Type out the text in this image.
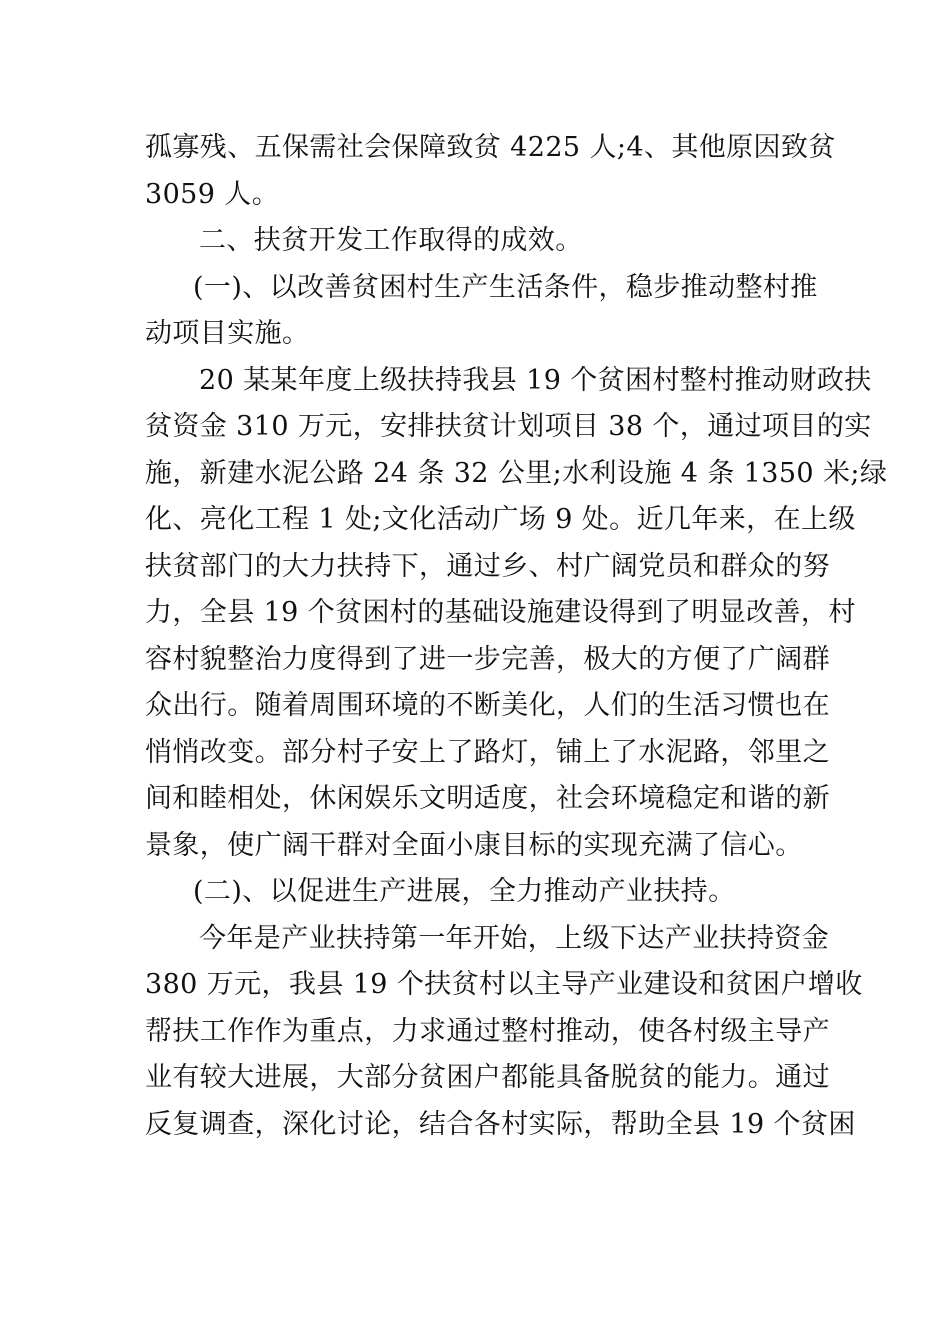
孤寡残、五保需社会保障致贫 4225 人;4、其他原因致贫
3059 人。
二、扶贫开发工作取得的成效。
(一)、以改善贫困村生产生活条件，稳步推动整村推
动项目实施。
20 某某年度上级扶持我县 19 个贫困村整村推动财政扶
贫资金 310 万元，安排扶贫计划项目 38 个，通过项目的实
施，新建水泥公路 24 条 32 公里;水利设施 4 条 1350 米;绿
化、亮化工程 1 处;文化活动广场 9 处。近几年来，在上级
扶贫部门的大力扶持下，通过乡、村广阔党员和群众的努
力，全县 19 个贫困村的基础设施建设得到了明显改善，村
容村貌整治力度得到了进一步完善，极大的方便了广阔群
众出行。随着周围环境的不断美化，人们的生活习惯也在
悄悄改变。部分村子安上了路灯，铺上了水泥路，邻里之
间和睦相处，休闲娱乐文明适度，社会环境稳定和谐的新
景象，使广阔干群对全面小康目标的实现充满了信心。
(二)、以促进生产进展，全力推动产业扶持。
今年是产业扶持第一年开始，上级下达产业扶持资金
380 万元，我县 19 个扶贫村以主导产业建设和贫困户增收
帮扶工作作为重点，力求通过整村推动，使各村级主导产
业有较大进展，大部分贫困户都能具备脱贫的能力。通过
反复调查，深化讨论，结合各村实际，帮助全县 19 个贫困
